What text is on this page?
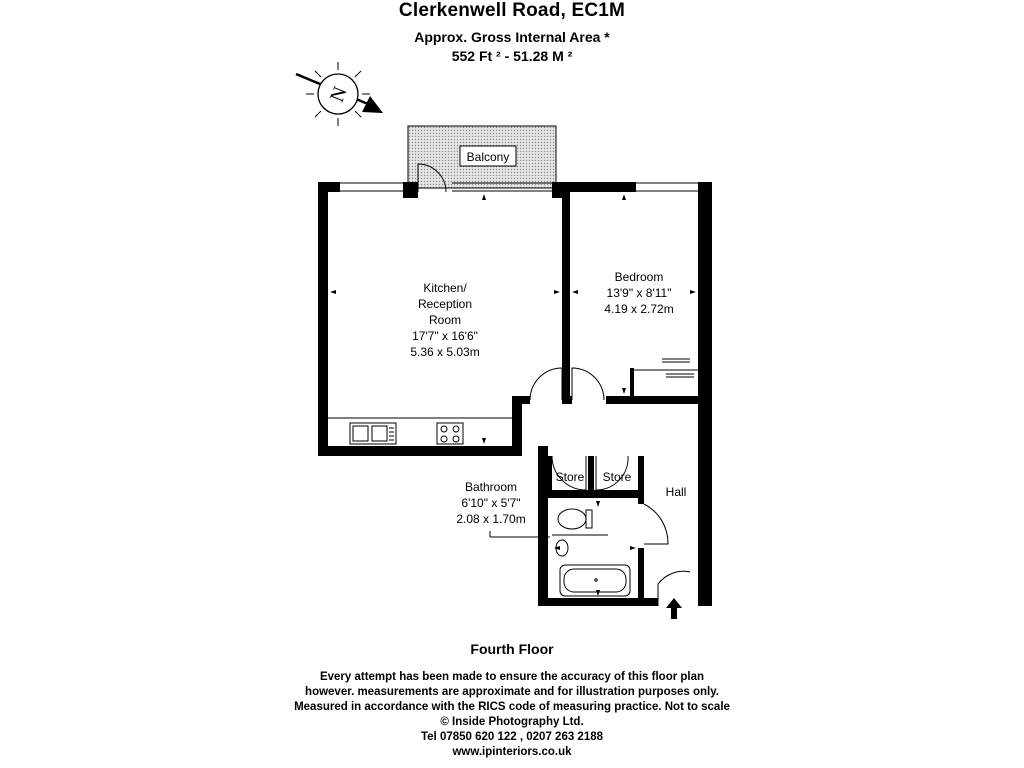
Clerkenwell Road, EC1M
Approx. Gross Internal Area *
552 Ft ² - 51.28 M ²
N
Balcony
Kitchen/
Reception
Room
17'7" x 16'6"
5.36 x 5.03m
Bedroom
13'9" x 8'11"
4.19 x 2.72m
Bathroom
6'10" x 5'7"
2.08 x 1.70m
Store Store
Hall
Fourth Floor
Every attempt has been made to ensure the accuracy of this floor plan
however. measurements are approximate and for illustration purposes only.
Measured in accordance with the RICS code of measuring practice. Not to scale
© Inside Photography Ltd.
Tel 07850 620 122 , 0207 263 2188
www.ipinteriors.co.uk
